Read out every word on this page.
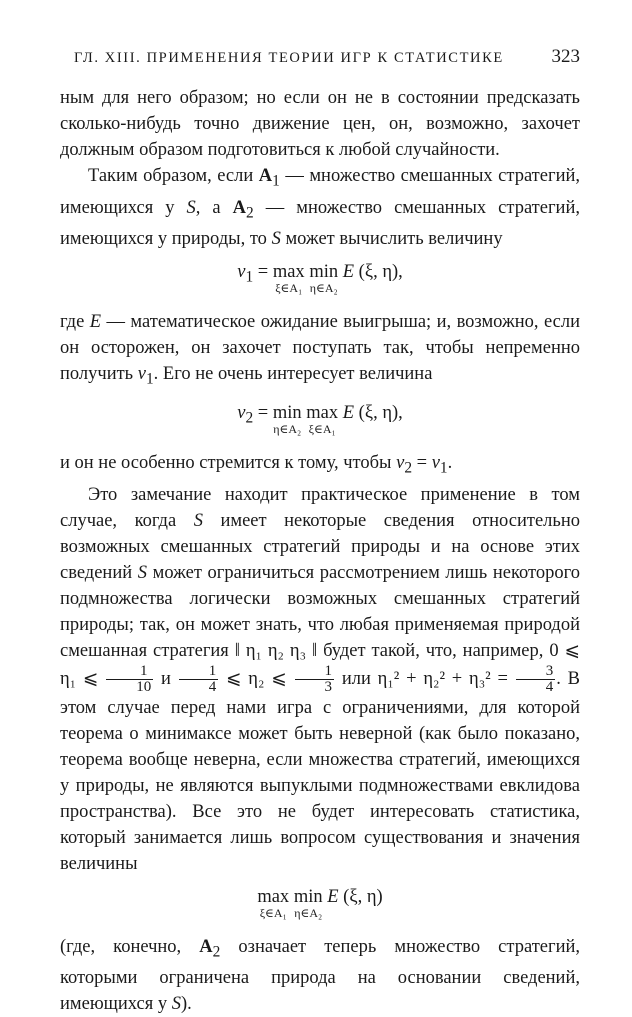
ГЛ. XIII. ПРИМЕНЕНИЯ ТЕОРИИ ИГР К СТАТИСТИКЕ	323

ным для него образом; но если он не в состоянии предсказать сколько-нибудь точно движение цен, он, возможно, захочет должным образом подготовиться к любой случайности.

Таким образом, если $A_1$ — множество смешанных стратегий, имеющихся у S, а $A_2$ — множество смешанных стратегий, имеющихся у природы, то S может вычислить величину

$v_1 = \max$
ξ∈A₁
min
η∈A₂
E (ξ, η),

где E — математическое ожидание выигрыша; и, возможно, если он осторожен, он захочет поступать так, чтобы непременно получить $v_1$. Его не очень интересует величина

$v_2 = \min$
η∈A₂
max
ξ∈A₁
E (ξ, η),

и он не особенно стремится к тому, чтобы $v_2 = v_1$.

Это замечание находит практическое применение в том случае, когда S имеет некоторые сведения относительно возможных смешанных стратегий природы и на основе этих сведений S может ограничиться рассмотрением лишь некоторого подмножества логически возможных смешанных стратегий природы; так, он может знать, что любая применяемая природой смешанная стратегия ‖ η₁ η₂ η₃ ‖ будет такой, что, например, 0 ⩽ η₁ ⩽ $\frac{1}{10}$ и $\frac{1}{4}$ ⩽ η₂ ⩽ $\frac{1}{3}$ или $\eta_1^2 + \eta_2^2 + \eta_3^2 = \frac{3}{4}$ . В этом случае перед нами игра с ограничениями, для которой теорема о минимаксе может быть неверной (как было показано, теорема вообще неверна, если множества стратегий, имеющихся у природы, не являются выпуклыми подмножествами евклидова пространства). Все это не будет интересовать статистика, который занимается лишь вопросом существования и значения величины

max
ξ∈A₁
min
η∈A₂
E (ξ, η)

(где, конечно, $A_2$ означает теперь множество стратегий, которыми ограничена природа на основании сведений, имеющихся у S).
